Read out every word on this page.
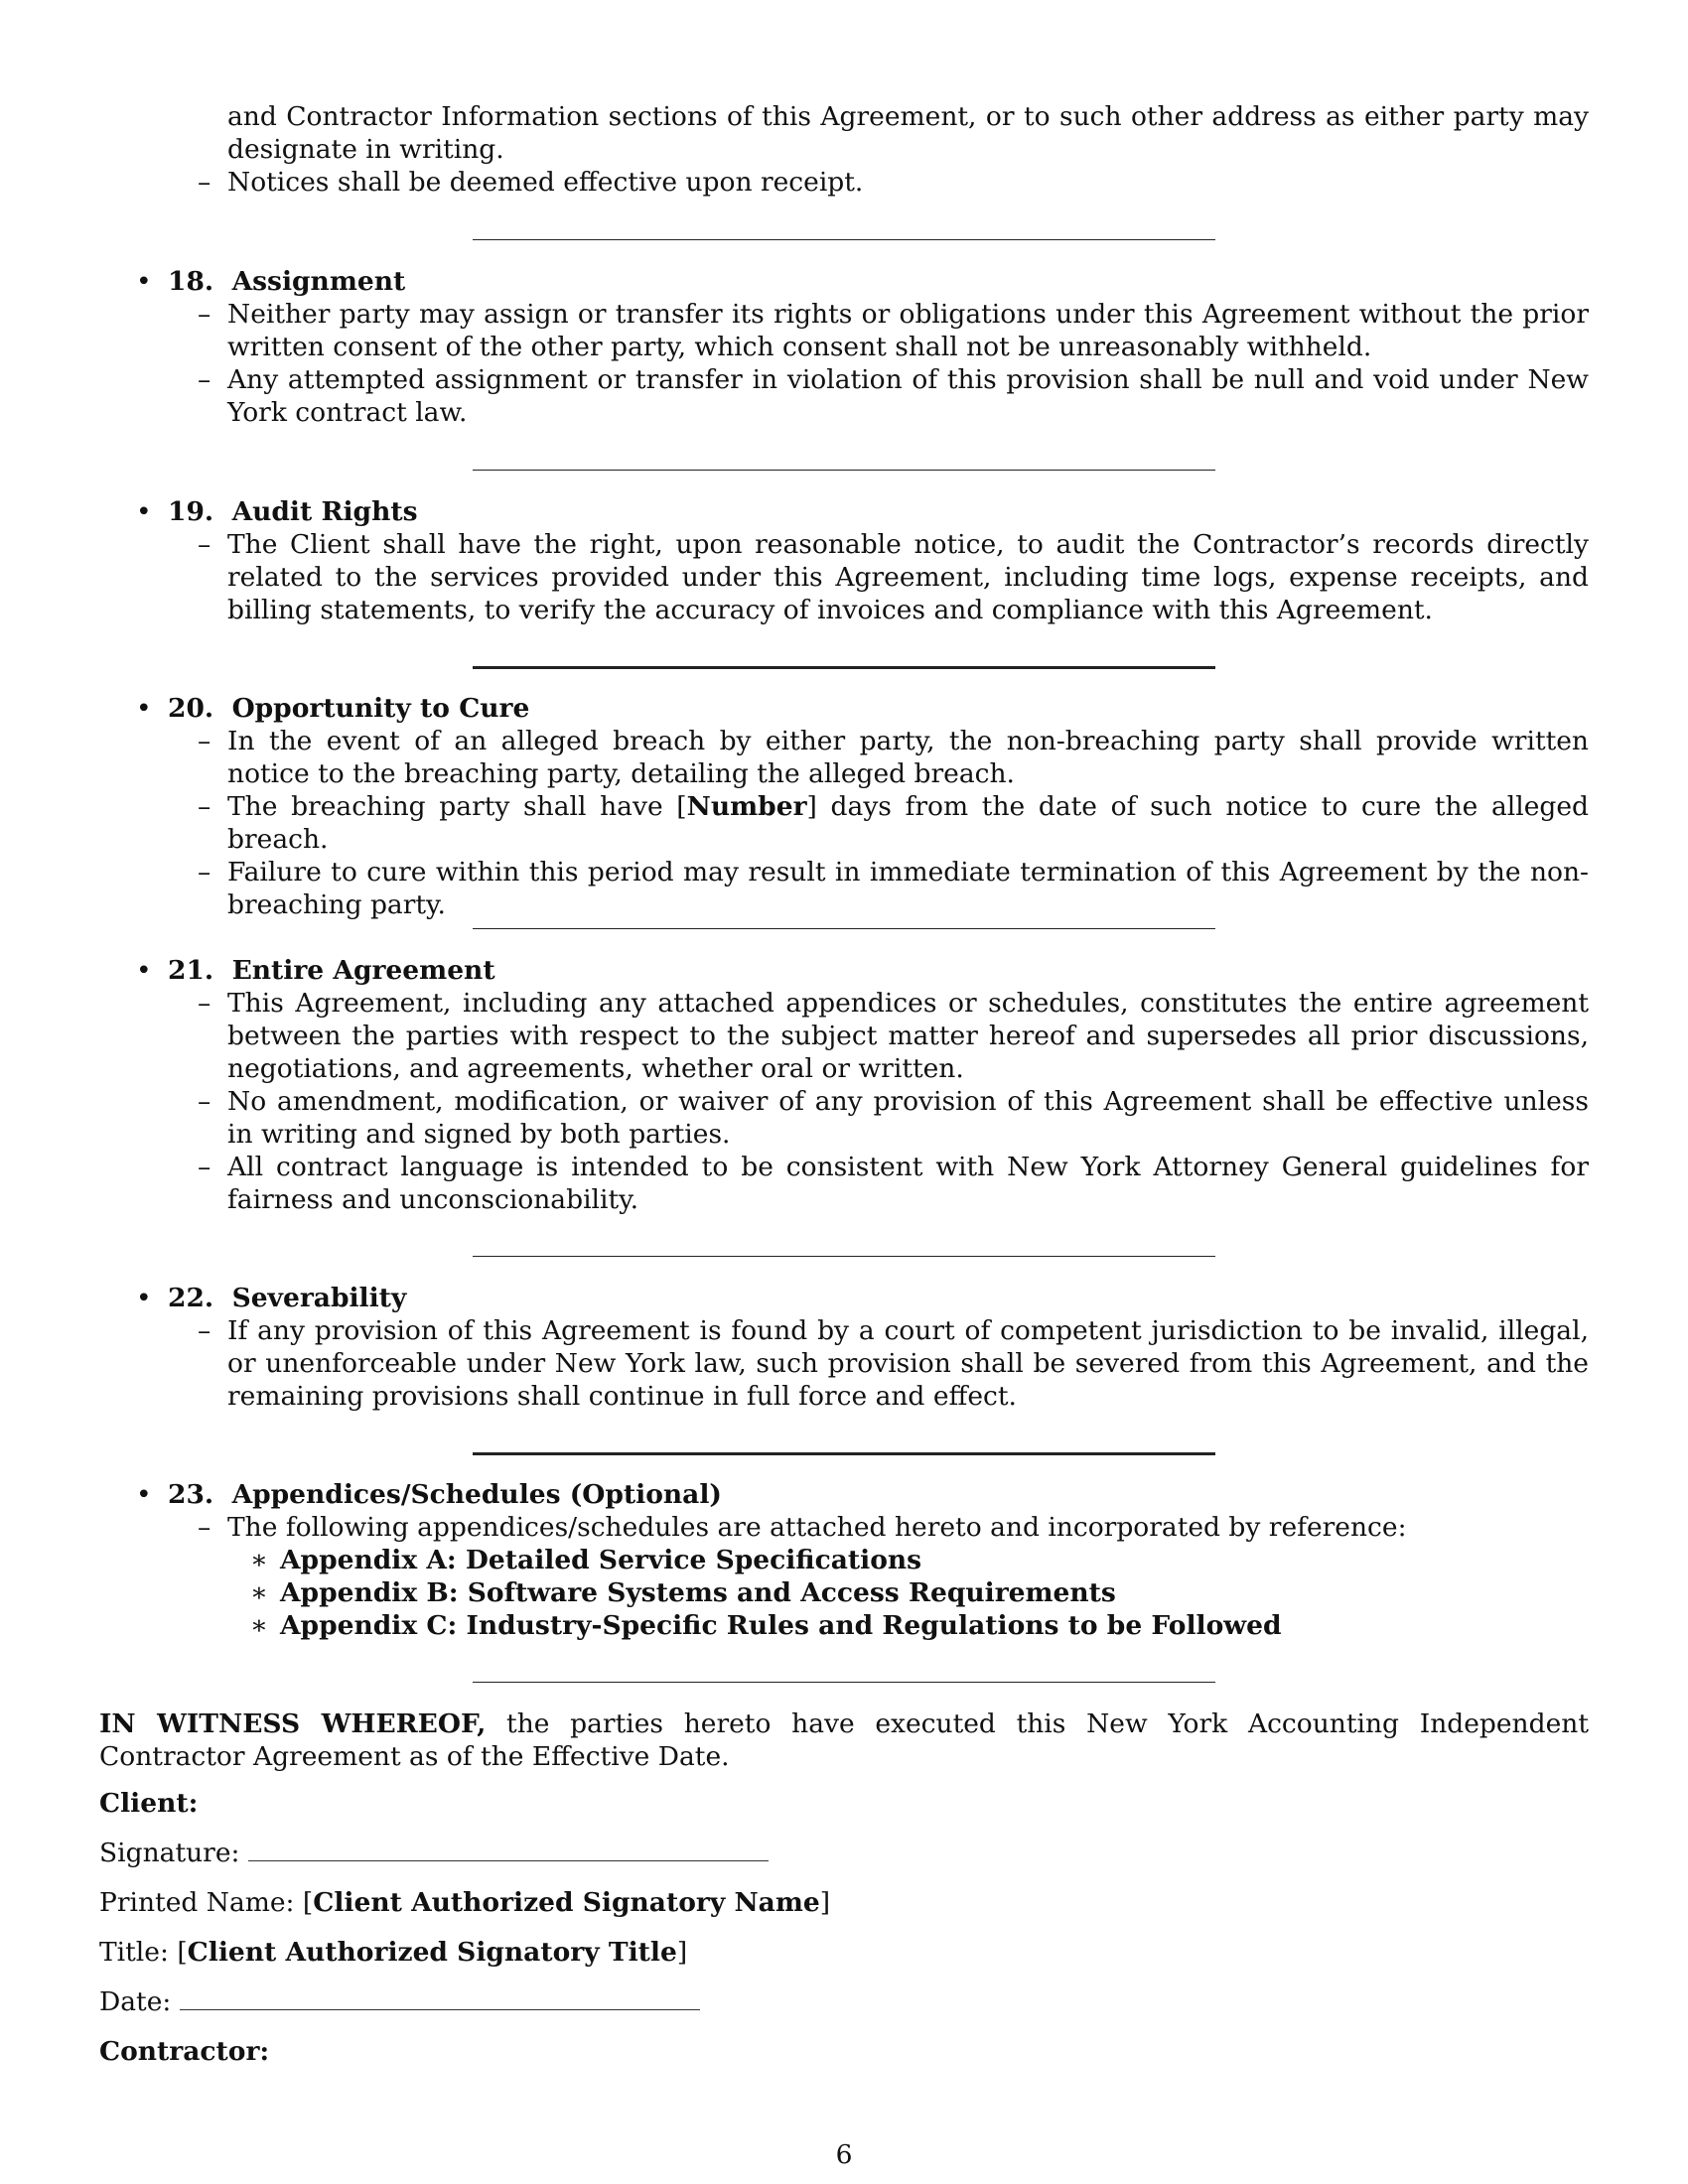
and Contractor Information sections of this Agreement, or to such other address as either party may designate in writing.

– Notices shall be deemed effective upon receipt.

• 18. Assignment
– Neither party may assign or transfer its rights or obligations under this Agreement without the prior written consent of the other party, which consent shall not be unreasonably withheld.

– Any attempted assignment or transfer in violation of this provision shall be null and void under New York contract law.

• 19. Audit Rights
– The Client shall have the right, upon reasonable notice, to audit the Contractor’s records directly related to the services provided under this Agreement, including time logs, expense receipts, and billing statements, to verify the accuracy of invoices and compliance with this Agreement.

• 20. Opportunity to Cure
– In the event of an alleged breach by either party, the non-breaching party shall provide written notice to the breaching party, detailing the alleged breach.

– The breaching party shall have [Number] days from the date of such notice to cure the alleged breach.

– Failure to cure within this period may result in immediate termination of this Agreement by the non-breaching party.

• 21. Entire Agreement
– This Agreement, including any attached appendices or schedules, constitutes the entire agreement between the parties with respect to the subject matter hereof and supersedes all prior discussions, negotiations, and agreements, whether oral or written.

– No amendment, modification, or waiver of any provision of this Agreement shall be effective unless in writing and signed by both parties.

– All contract language is intended to be consistent with New York Attorney General guidelines for fairness and unconscionability.

• 22. Severability
– If any provision of this Agreement is found by a court of competent jurisdiction to be invalid, illegal, or unenforceable under New York law, such provision shall be severed from this Agreement, and the remaining provisions shall continue in full force and effect.

• 23. Appendices/Schedules (Optional)
– The following appendices/schedules are attached hereto and incorporated by reference:

∗ Appendix A: Detailed Service Specifications
∗ Appendix B: Software Systems and Access Requirements
∗ Appendix C: Industry-Specific Rules and Regulations to be Followed

IN WITNESS WHEREOF, the parties hereto have executed this New York Accounting Independent Contractor Agreement as of the Effective Date.

Client:

Signature:

Printed Name: [Client Authorized Signatory Name]

Title: [Client Authorized Signatory Title]

Date:

Contractor:

6
